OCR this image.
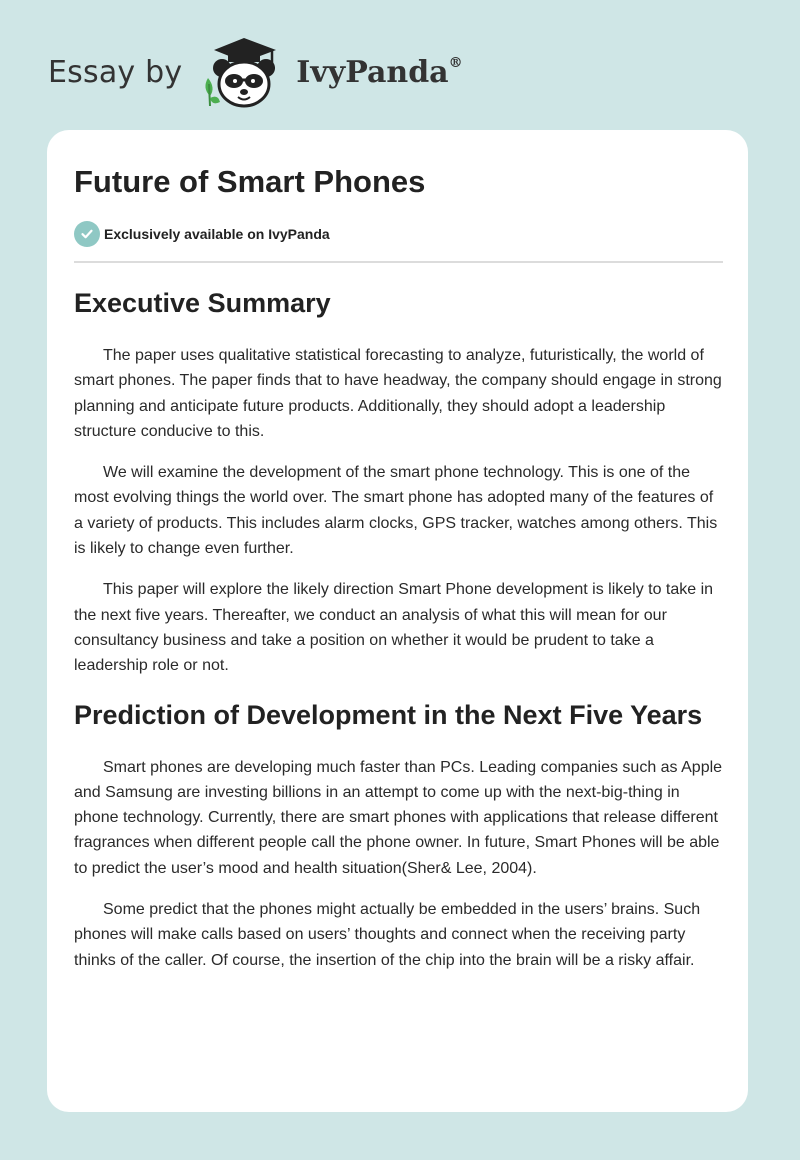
Essay by	IvyPanda®
Future of Smart Phones
Exclusively available on IvyPanda
Executive Summary

The paper uses qualitative statistical forecasting to analyze, futuristically, the world of smart phones. The paper finds that to have headway, the company should engage in strong planning and anticipate future products. Additionally, they should adopt a leadership structure conducive to this.

We will examine the development of the smart phone technology. This is one of the most evolving things the world over. The smart phone has adopted many of the features of a variety of products. This includes alarm clocks, GPS tracker, watches among others. This is likely to change even further.

This paper will explore the likely direction Smart Phone development is likely to take in the next five years. Thereafter, we conduct an analysis of what this will mean for our consultancy business and take a position on whether it would be prudent to take a leadership role or not.

Prediction of Development in the Next Five Years

Smart phones are developing much faster than PCs. Leading companies such as Apple and Samsung are investing billions in an attempt to come up with the next-big-thing in phone technology. Currently, there are smart phones with applications that release different fragrances when different people call the phone owner. In future, Smart Phones will be able to predict the user’s mood and health situation(Sher& Lee, 2004).

Some predict that the phones might actually be embedded in the users’ brains. Such phones will make calls based on users’ thoughts and connect when the receiving party thinks of the caller. Of course, the insertion of the chip into the brain will be a risky affair.
